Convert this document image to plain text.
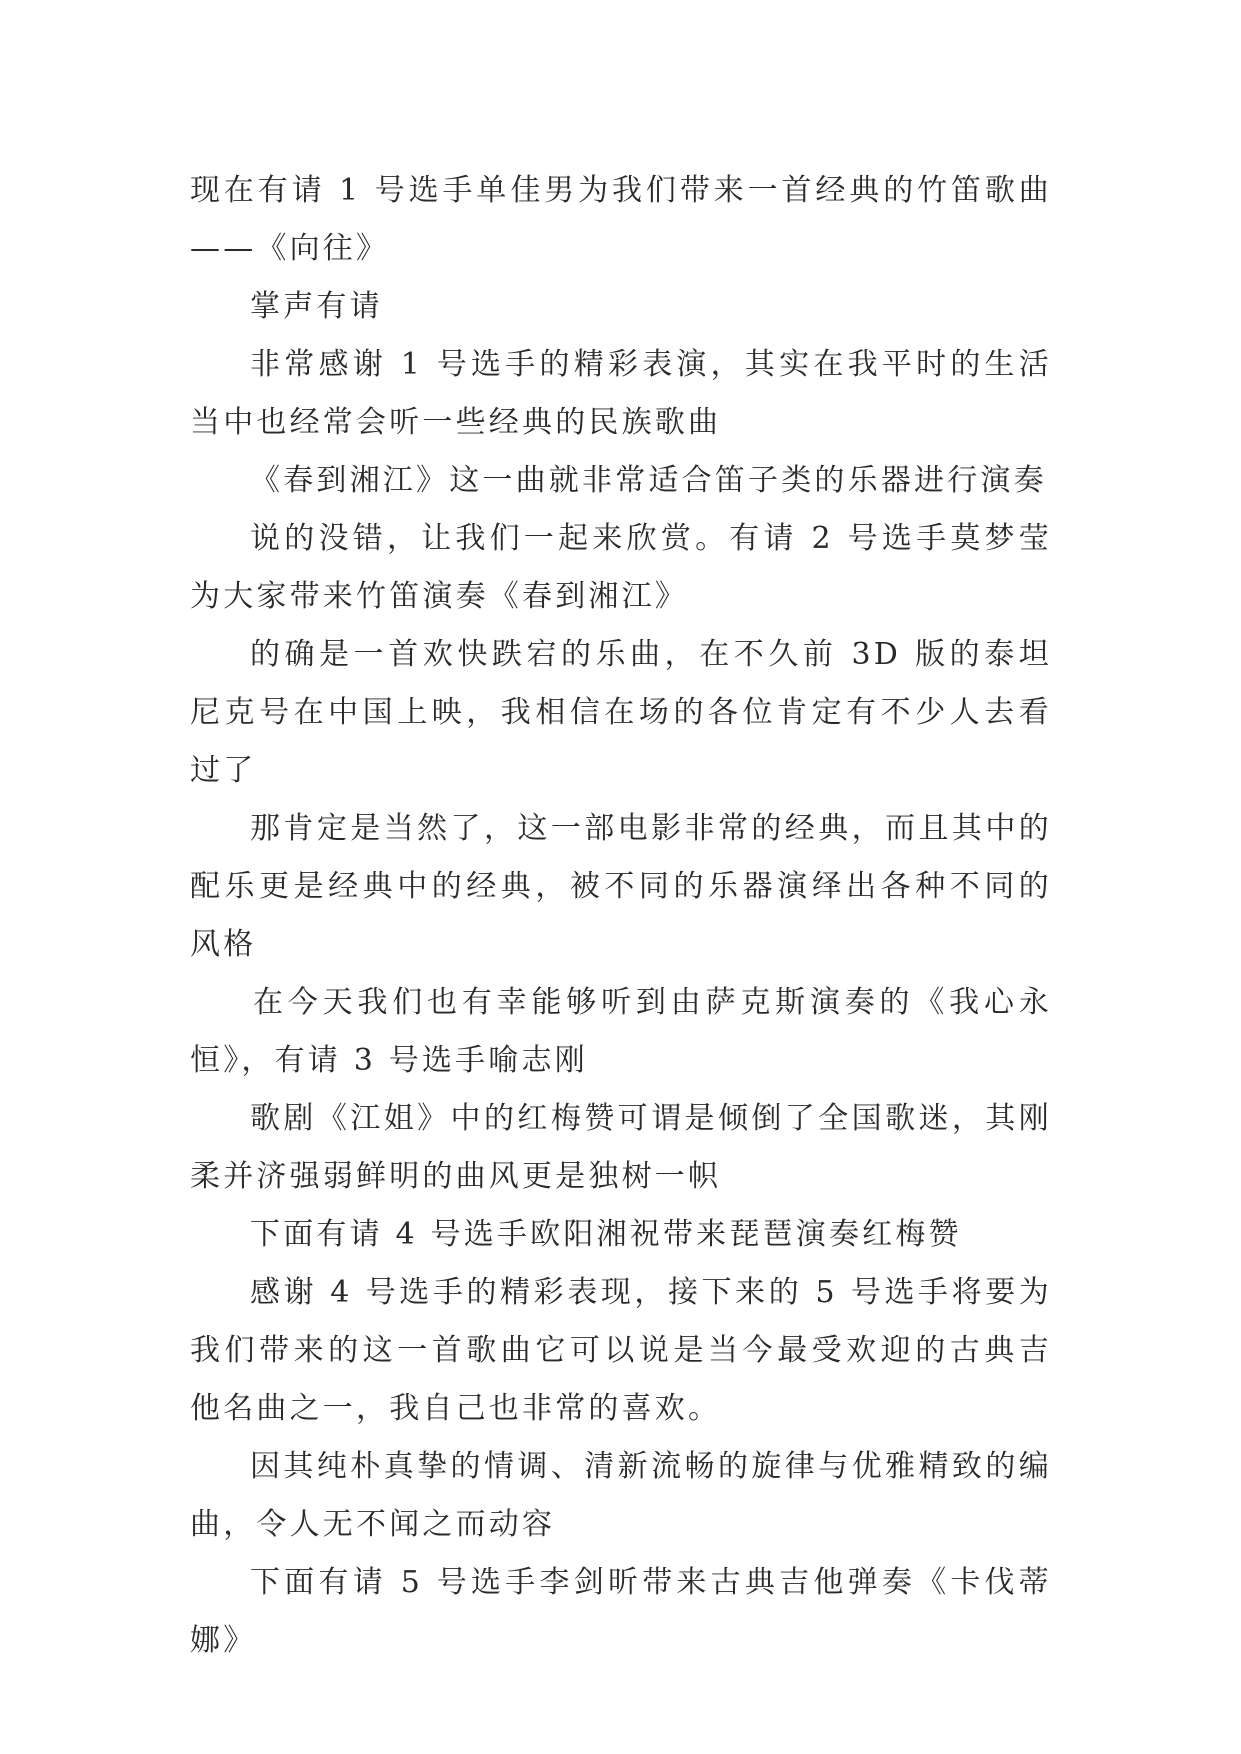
现在有请 1 号选手单佳男为我们带来一首经典的竹笛歌曲——《向往》

掌声有请

非常感谢 1 号选手的精彩表演，其实在我平时的生活当中也经常会听一些经典的民族歌曲

《春到湘江》这一曲就非常适合笛子类的乐器进行演奏

说的没错，让我们一起来欣赏。有请 2 号选手莫梦莹为大家带来竹笛演奏《春到湘江》

的确是一首欢快跌宕的乐曲，在不久前 3D 版的泰坦尼克号在中国上映，我相信在场的各位肯定有不少人去看过了

那肯定是当然了，这一部电影非常的经典，而且其中的配乐更是经典中的经典，被不同的乐器演绎出各种不同的风格

在今天我们也有幸能够听到由萨克斯演奏的《我心永恒》，有请 3 号选手喻志刚

歌剧《江姐》中的红梅赞可谓是倾倒了全国歌迷，其刚柔并济强弱鲜明的曲风更是独树一帜

下面有请 4 号选手欧阳湘祝带来琵琶演奏红梅赞

感谢 4 号选手的精彩表现，接下来的 5 号选手将要为我们带来的这一首歌曲它可以说是当今最受欢迎的古典吉他名曲之一，我自己也非常的喜欢。

因其纯朴真挚的情调、清新流畅的旋律与优雅精致的编曲，令人无不闻之而动容

下面有请 5 号选手李剑昕带来古典吉他弹奏《卡伐蒂娜》
